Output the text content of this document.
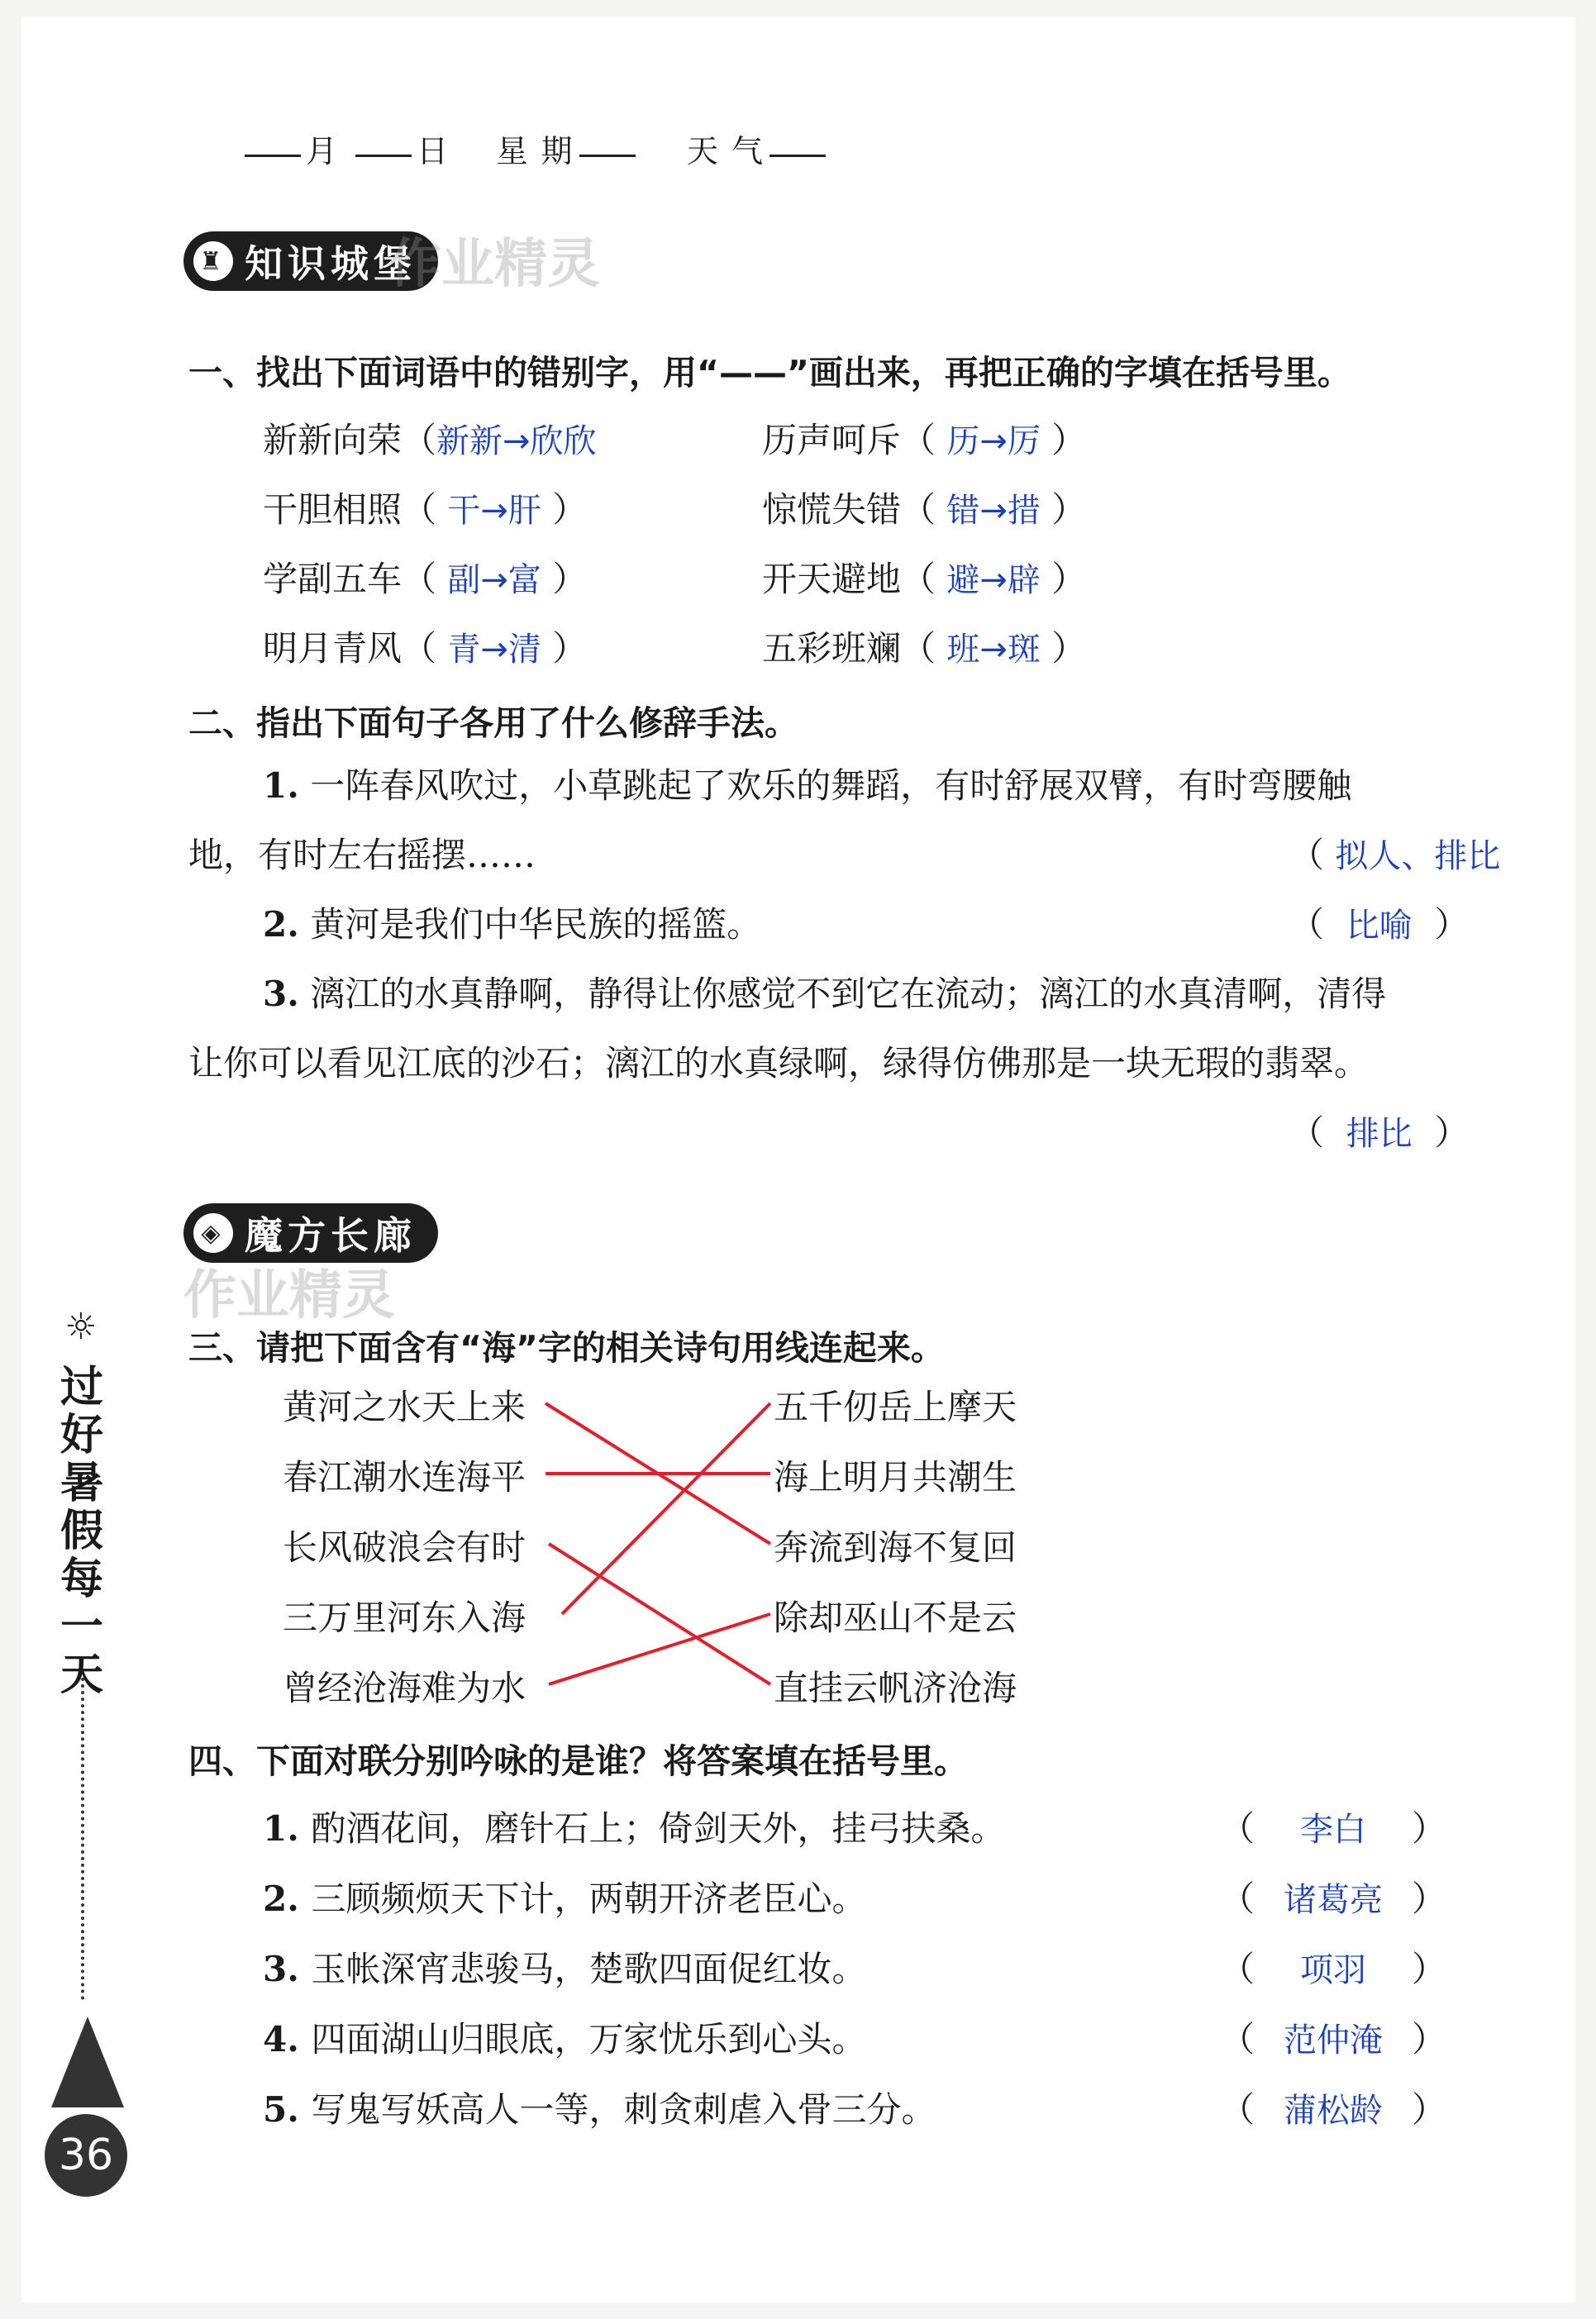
月 日 星 期	天 气
♜ 知识城堡
作业精灵
一、找出下面词语中的错别字，用“——”画出来，再把正确的字填在括号里。
新新向荣（新新→欣欣	历声呵斥（ 历→厉 ）
干胆相照（ 干→肝 ）	惊慌失错（ 错→措 ）
学副五车（ 副→富 ）	开天避地（ 避→辟 ）
明月青风（ 青→清 ）	五彩班斓（ 班→斑 ）
二、指出下面句子各用了什么修辞手法。
1. 一阵春风吹过，小草跳起了欢乐的舞蹈，有时舒展双臂，有时弯腰触
地，有时左右摇摆……	（ 拟人、排比
2. 黄河是我们中华民族的摇篮。	（  比喻  ）
3. 漓江的水真静啊，静得让你感觉不到它在流动；漓江的水真清啊，清得
让你可以看见江底的沙石；漓江的水真绿啊，绿得仿佛那是一块无瑕的翡翠。
（  排比  ）
◈ 魔方长廊
作业精灵
三、请把下面含有“海”字的相关诗句用线连起来。
黄河之水天上来
春江潮水连海平
长风破浪会有时
三万里河东入海
曾经沧海难为水
五千仞岳上摩天
海上明月共潮生
奔流到海不复回
除却巫山不是云
直挂云帆济沧海
四、下面对联分别吟咏的是谁？将答案填在括号里。
1. 酌酒花间，磨针石上；倚剑天外，挂弓扶桑。	（ 李白 ）
2. 三顾频烦天下计，两朝开济老臣心。	（ 诸葛亮 ）
3. 玉帐深宵悲骏马，楚歌四面促红妆。	（ 项羽 ）
4. 四面湖山归眼底，万家忧乐到心头。	（ 范仲淹 ）
5. 写鬼写妖高人一等，刺贪刺虐入骨三分。	（ 蒲松龄 ）
☼
过
好
暑
假
每
一
天
36
